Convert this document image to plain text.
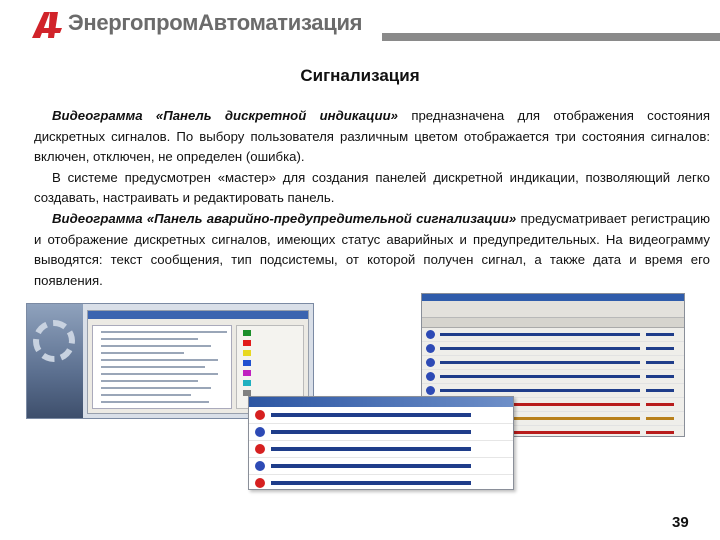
ЭнергопромАвтоматизация
Сигнализация

Видеограмма «Панель дискретной индикации» предназначена для отображения состояния дискретных сигналов. По выбору пользователя различным цветом отображается три состояния сигналов: включен, отключен, не определен (ошибка).

В системе предусмотрен «мастер» для создания панелей дискретной индикации, позволяющий легко создавать, настраивать и редактировать панель.

Видеограмма «Панель аварийно-предупредительной сигнализации» предусматривает регистрацию и отображение дискретных сигналов, имеющих статус аварийных и предупредительных. На видеограмму выводятся: текст сообщения, тип подсистемы, от которой получен сигнал, а также дата и время его появления.

39
